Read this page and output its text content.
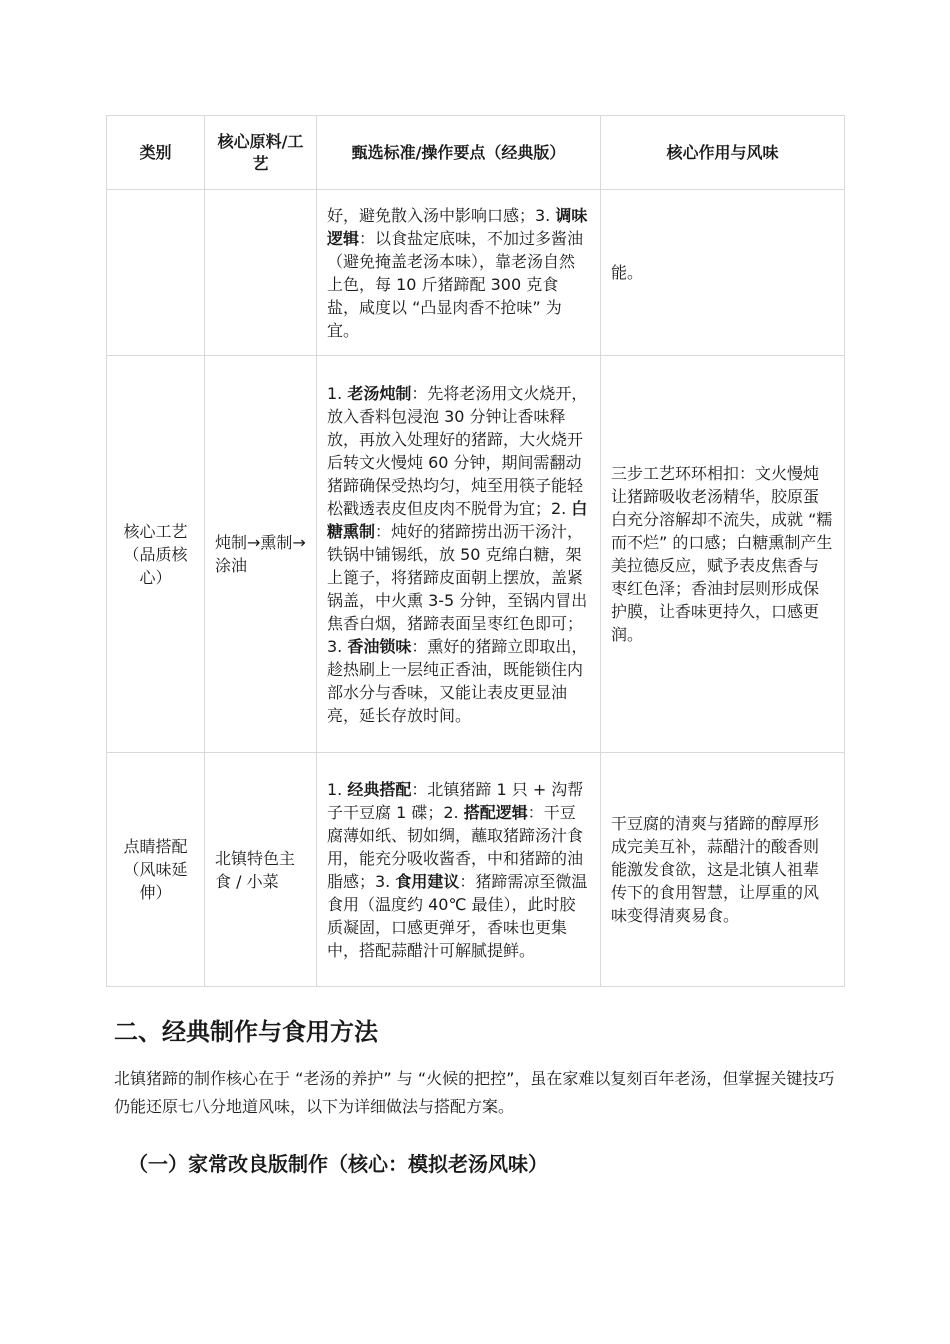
类别	核心原料/工艺	甄选标准/操作要点（经典版）	核心作用与风味
		好，避免散入汤中影响口感；3. 调味逻辑：以食盐定底味，不加过多酱油（避免掩盖老汤本味），靠老汤自然上色，每 10 斤猪蹄配 300 克食盐，咸度以 “凸显肉香不抢味” 为宜。	能。
核心工艺（品质核心）	炖制→熏制→涂油	1. 老汤炖制：先将老汤用文火烧开，放入香料包浸泡 30 分钟让香味释放，再放入处理好的猪蹄，大火烧开后转文火慢炖 60 分钟，期间需翻动猪蹄确保受热均匀，炖至用筷子能轻松戳透表皮但皮肉不脱骨为宜；2. 白糖熏制：炖好的猪蹄捞出沥干汤汁，铁锅中铺锡纸，放 50 克绵白糖，架上篦子，将猪蹄皮面朝上摆放，盖紧锅盖，中火熏 3-5 分钟，至锅内冒出焦香白烟，猪蹄表面呈枣红色即可；3. 香油锁味：熏好的猪蹄立即取出，趁热刷上一层纯正香油，既能锁住内部水分与香味，又能让表皮更显油亮，延长存放时间。	三步工艺环环相扣：文火慢炖让猪蹄吸收老汤精华，胶原蛋白充分溶解却不流失，成就 “糯而不烂” 的口感；白糖熏制产生美拉德反应，赋予表皮焦香与枣红色泽；香油封层则形成保护膜，让香味更持久，口感更润。
点睛搭配（风味延伸）	北镇特色主食 / 小菜	1. 经典搭配：北镇猪蹄 1 只 + 沟帮子干豆腐 1 碟；2. 搭配逻辑：干豆腐薄如纸、韧如绸，蘸取猪蹄汤汁食用，能充分吸收酱香，中和猪蹄的油脂感；3. 食用建议：猪蹄需凉至微温食用（温度约 40℃ 最佳），此时胶质凝固，口感更弹牙，香味也更集中，搭配蒜醋汁可解腻提鲜。	干豆腐的清爽与猪蹄的醇厚形成完美互补，蒜醋汁的酸香则能激发食欲，这是北镇人祖辈传下的食用智慧，让厚重的风味变得清爽易食。
二、经典制作与食用方法

北镇猪蹄的制作核心在于 “老汤的养护” 与 “火候的把控”，虽在家难以复刻百年老汤，但掌握关键技巧仍能还原七八分地道风味，以下为详细做法与搭配方案。

（一）家常改良版制作（核心：模拟老汤风味）
